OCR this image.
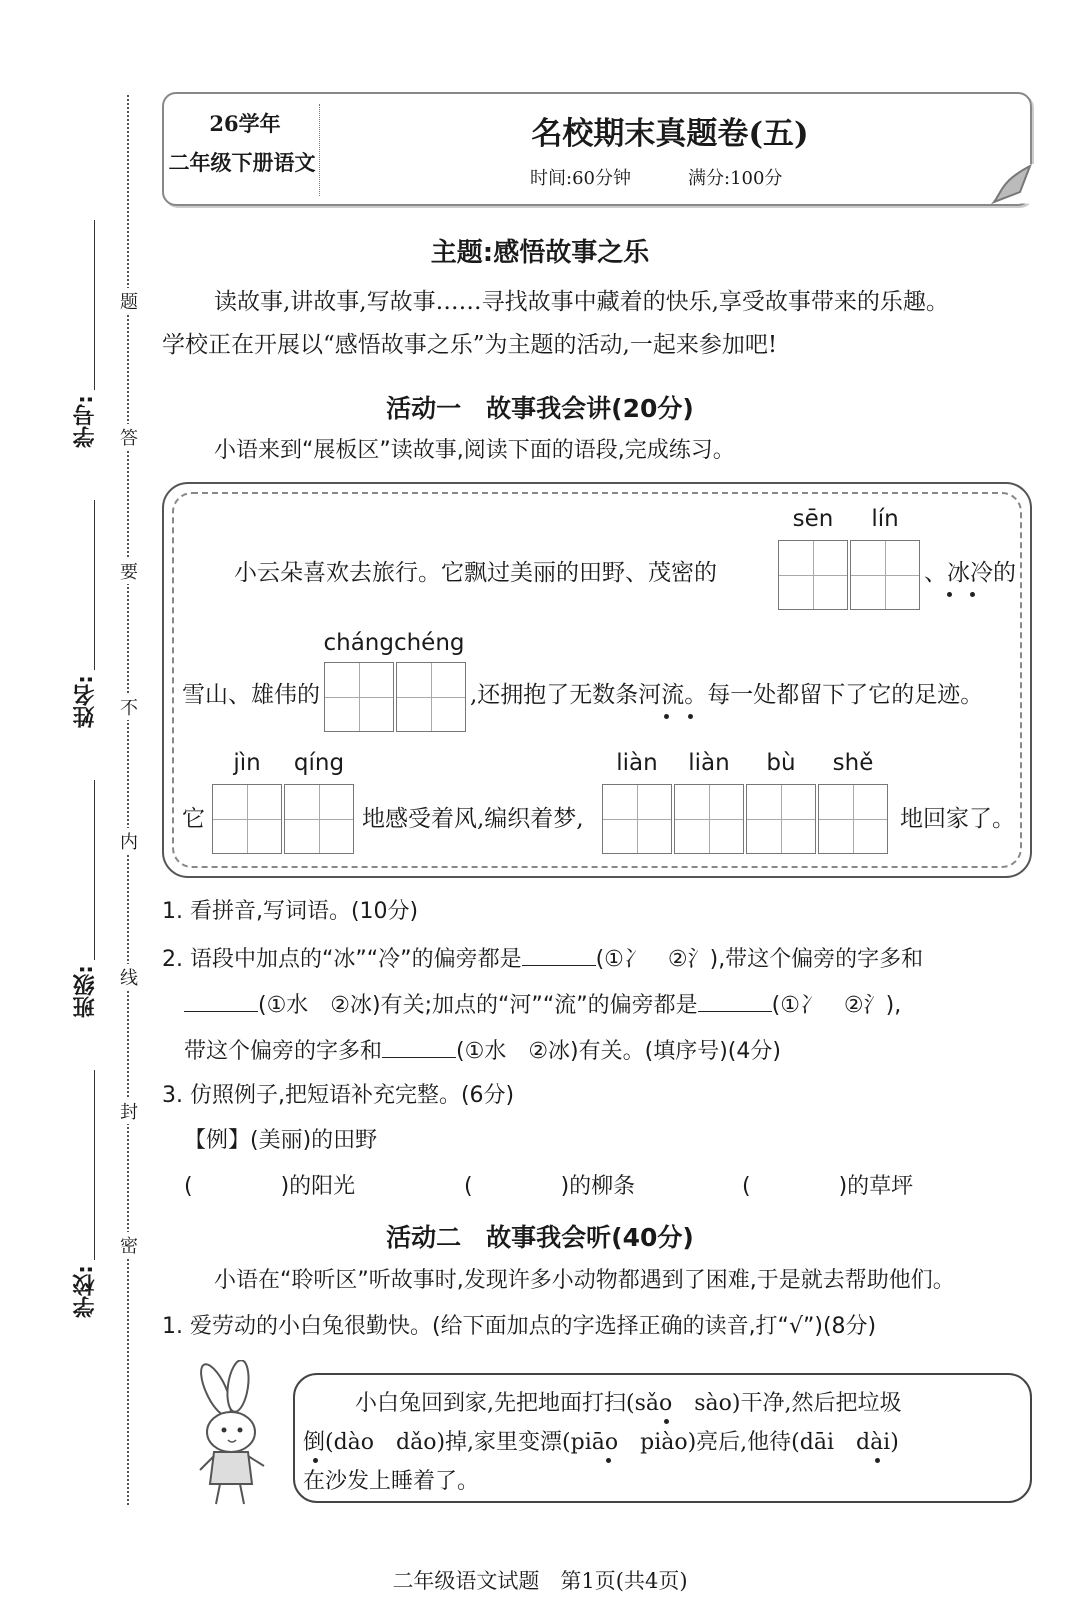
题
答
要
不
内
线
封
密
学号:
姓名:
班级:
学校:
26学年
二年级下册语文
名校期末真题卷(五)
时间:60分钟	满分:100分
主题:感悟故事之乐
读故事,讲故事,写故事……寻找故事中藏着的快乐,享受故事带来的乐趣。
学校正在开展以“感悟故事之乐”为主题的活动,一起来参加吧!
活动一　故事我会讲(20分)
小语来到“展板区”读故事,阅读下面的语段,完成练习。
sēn	lín
小云朵喜欢去旅行。它飘过美丽的田野、茂密的	、冰冷的
chángchéng
雪山、雄伟的	,还拥抱了无数条河流。每一处都留下了它的足迹。
jìn	qíng
它	地感受着风,编织着梦,
liàn	liàn	bù	shě
地回家了。
1. 看拼音,写词语。(10分)
2. 语段中加点的“冰”“冷”的偏旁都是	(①冫　②氵),带这个偏旁的字多和
(①水　②冰)有关;加点的“河”“流”的偏旁都是	(①冫　②氵),
带这个偏旁的字多和	(①水　②冰)有关。(填序号)(4分)
3. 仿照例子,把短语补充完整。(6分)
【例】(美丽)的田野
(　　　　)的阳光	(　　　　)的柳条	(　　　　)的草坪
活动二　故事我会听(40分)
小语在“聆听区”听故事时,发现许多小动物都遇到了困难,于是就去帮助他们。
1. 爱劳动的小白兔很勤快。(给下面加点的字选择正确的读音,打“√”)(8分)
小白兔回到家,先把地面打扫(sǎo　sào)干净,然后把垃圾
倒(dào　dǎo)掉,家里变漂(piāo　piào)亮后,他待(dāi　dài)
在沙发上睡着了。
二年级语文试题　第1页(共4页)
